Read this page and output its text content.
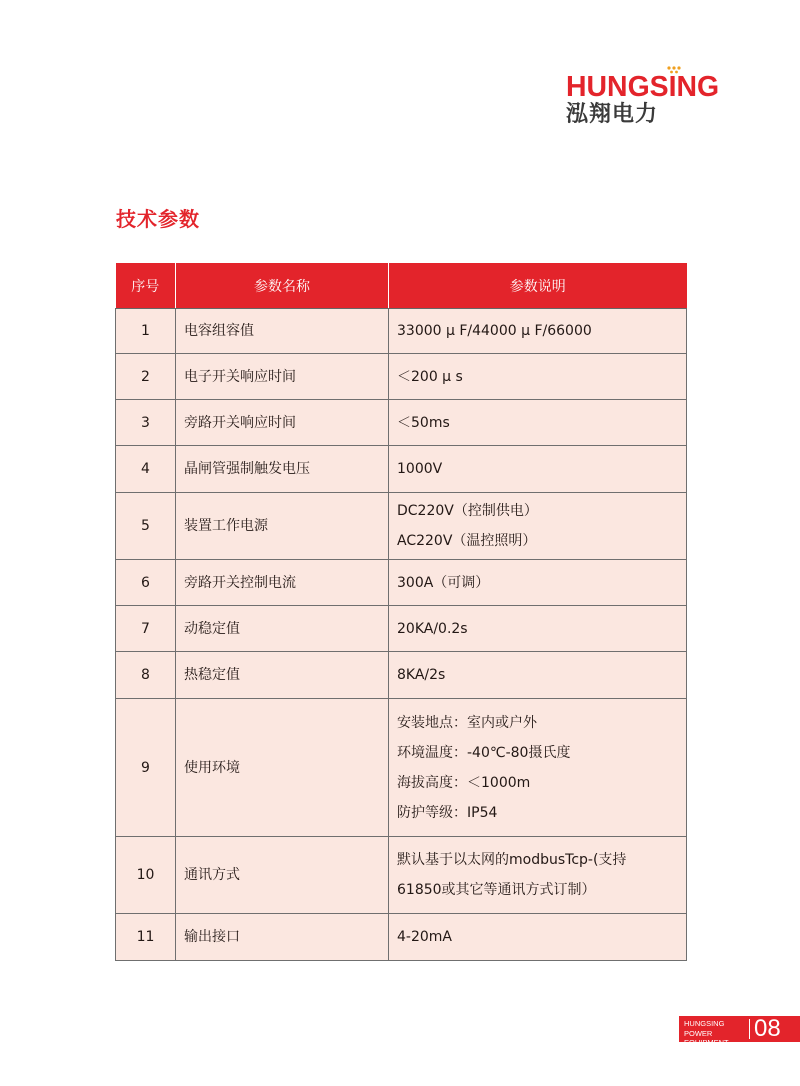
HUNGSING
泓翔电力
技术参数
序号	参数名称	参数说明
1	电容组容值	33000 μ F/44000 μ F/66000

2	电子开关响应时间	＜200 μ s

3	旁路开关响应时间	＜50ms

4	晶闸管强制触发电压	1000V

5	装置工作电源	DC220V（控制供电）
AC220V（温控照明）

6	旁路开关控制电流	300A（可调）

7	动稳定值	20KA/0.2s

8	热稳定值	8KA/2s

9	使用环境	安装地点：室内或户外
环境温度：-40℃-80摄氏度
海拔高度：＜1000m
防护等级：IP54

10	通讯方式	默认基于以太网的modbusTcp-(支持
61850或其它等通讯方式订制）

11	输出接口	4-20mA
HUNGSING POWER
EQUIPMENT
08
